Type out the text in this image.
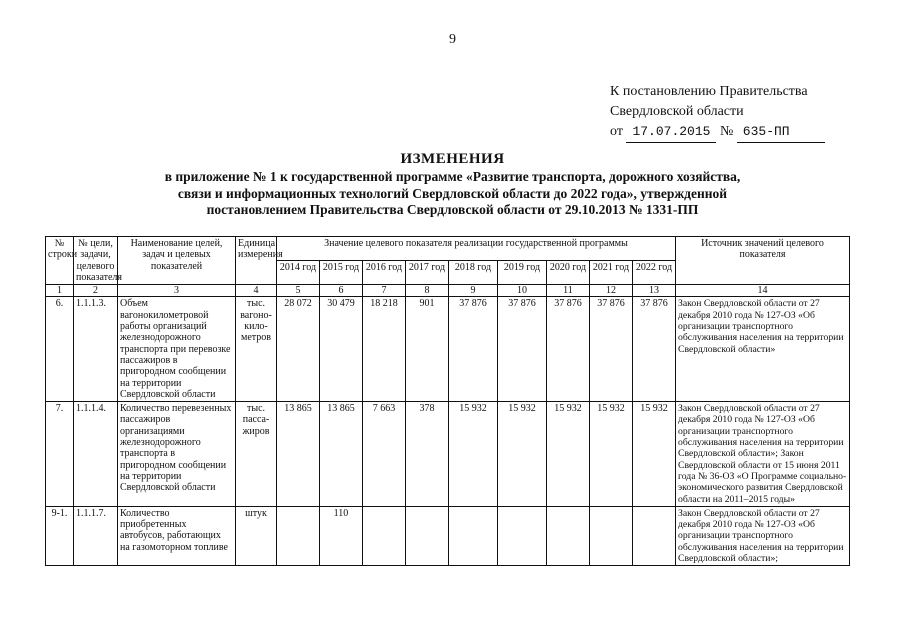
9
К постановлению Правительства
Свердловской области
от 17.07.2015 № 635-ПП
ИЗМЕНЕНИЯ
в приложение № 1 к государственной программе «Развитие транспорта, дорожного хозяйства,
связи и информационных технологий Свердловской области до 2022 года», утвержденной
постановлением Правительства Свердловской области от 29.10.2013 № 1331-ПП
№ строки	№ цели, задачи, целевого показателя	Наименование целей, задач и целевых показателей	Единица измерения	Значение целевого показателя реализации государственной программы									Источник значений целевого показателя
				2014 год	2015 год	2016 год	2017 год	2018 год	2019 год	2020 год	2021 год	2022 год	
1	2	3	4	5	6	7	8	9	10	11	12	13	14
6.	1.1.1.3.	Объем вагонокилометровой работы организаций железнодорожного транспорта при перевозке пассажиров в пригородном сообщении на территории Свердловской области	тыс. вагоно-кило-метров	28 072	30 479	18 218	901	37 876	37 876	37 876	37 876	37 876	Закон Свердловской области от 27 декабря 2010 года № 127-ОЗ «Об организации транспортного обслуживания населения на территории Свердловской области»
7.	1.1.1.4.	Количество перевезенных пассажиров организациями железнодорожного транспорта в пригородном сообщении на территории Свердловской области	тыс. пасса-жиров	13 865	13 865	7 663	378	15 932	15 932	15 932	15 932	15 932	Закон Свердловской области от 27 декабря 2010 года № 127-ОЗ «Об организации транспортного обслуживания населения на территории Свердловской области»; Закон Свердловской области от 15 июня 2011 года № 36-ОЗ «О Программе социально-экономического развития Свердловской области на 2011–2015 годы»
9-1.	1.1.1.7.	Количество приобретенных автобусов, работающих на газомоторном топливе	штук		110								Закон Свердловской области от 27 декабря 2010 года № 127-ОЗ «Об организации транспортного обслуживания населения на территории Свердловской области»;
